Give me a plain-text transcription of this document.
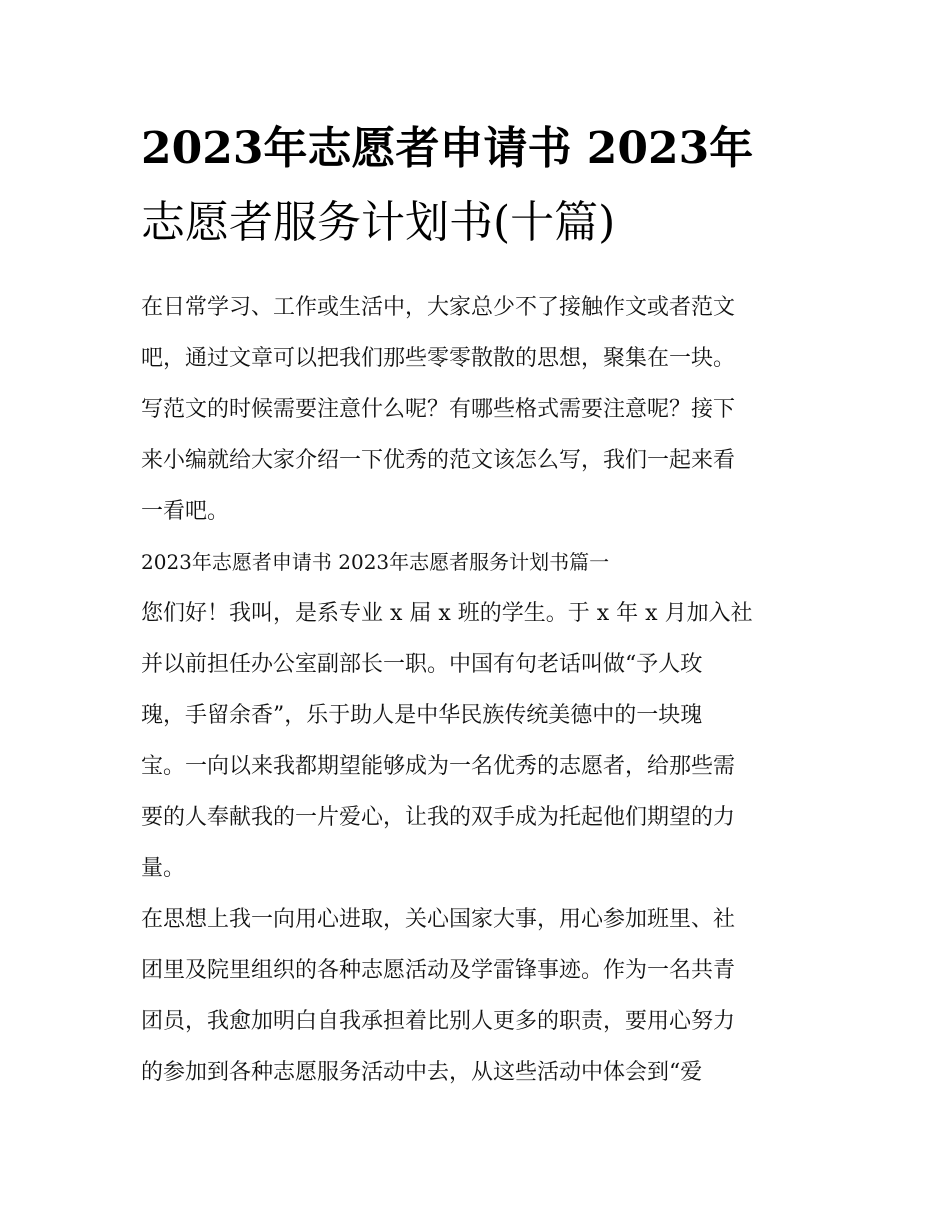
2023年志愿者申请书 2023年
志愿者服务计划书(十篇)

在日常学习、工作或生活中，大家总少不了接触作文或者范文
吧，通过文章可以把我们那些零零散散的思想，聚集在一块。
写范文的时候需要注意什么呢？有哪些格式需要注意呢？接下
来小编就给大家介绍一下优秀的范文该怎么写，我们一起来看
一看吧。

2023年志愿者申请书 2023年志愿者服务计划书篇一

您们好！我叫，是系专业 x 届 x 班的学生。于 x 年 x 月加入社
并以前担任办公室副部长一职。中国有句老话叫做“予人玫
瑰，手留余香”，乐于助人是中华民族传统美德中的一块瑰
宝。一向以来我都期望能够成为一名优秀的志愿者，给那些需
要的人奉献我的一片爱心，让我的双手成为托起他们期望的力
量。

在思想上我一向用心进取，关心国家大事，用心参加班里、社
团里及院里组织的各种志愿活动及学雷锋事迹。作为一名共青
团员，我愈加明白自我承担着比别人更多的职责，要用心努力
的参加到各种志愿服务活动中去，从这些活动中体会到“爱
